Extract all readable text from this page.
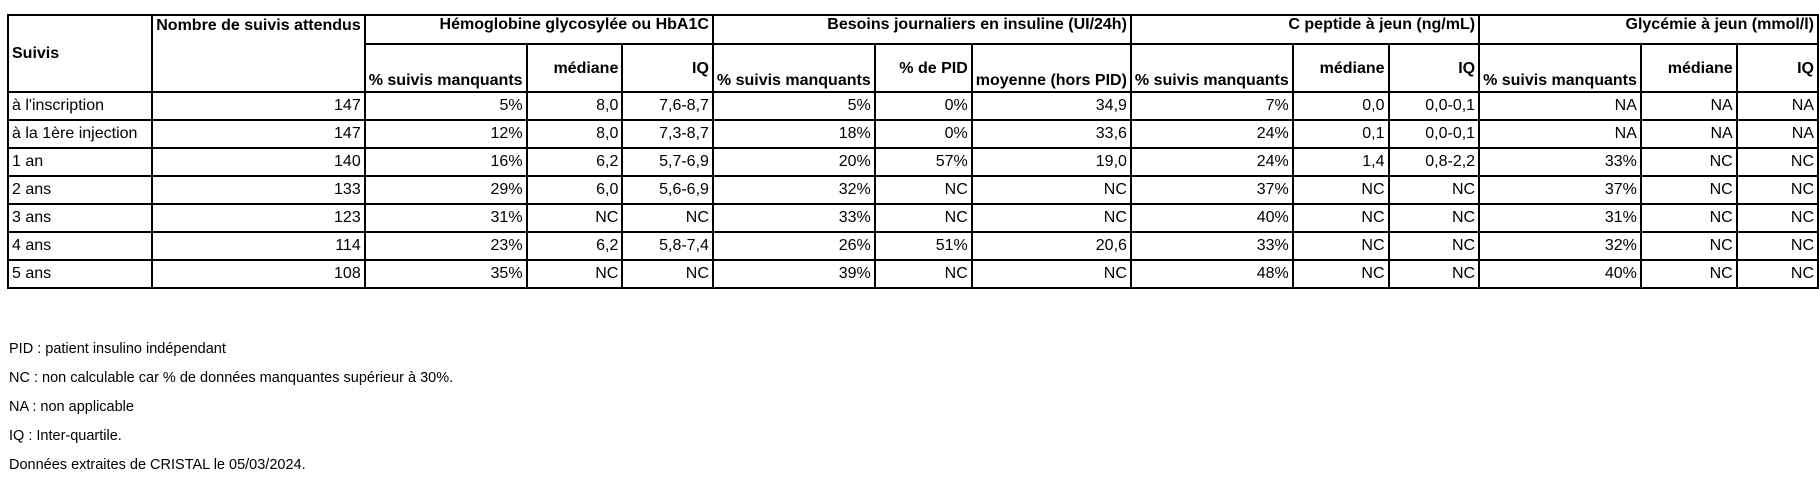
Suivis	Nombre de suivis attendus	Hémoglobine glycosylée ou HbA1C			Besoins journaliers en insuline (UI/24h)			C peptide à jeun (ng/mL)			Glycémie à jeun (mmol/l)		
		% suivis manquants	médiane	IQ	% suivis manquants	% de PID	moyenne (hors PID)	% suivis manquants	médiane	IQ	% suivis manquants	médiane	IQ
à l'inscription	147	5%	8,0	7,6-8,7	5%	0%	34,9	7%	0,0	0,0-0,1	NA	NA	NA
à la 1ère injection	147	12%	8,0	7,3-8,7	18%	0%	33,6	24%	0,1	0,0-0,1	NA	NA	NA
1 an	140	16%	6,2	5,7-6,9	20%	57%	19,0	24%	1,4	0,8-2,2	33%	NC	NC
2 ans	133	29%	6,0	5,6-6,9	32%	NC	NC	37%	NC	NC	37%	NC	NC
3 ans	123	31%	NC	NC	33%	NC	NC	40%	NC	NC	31%	NC	NC
4 ans	114	23%	6,2	5,8-7,4	26%	51%	20,6	33%	NC	NC	32%	NC	NC
5 ans	108	35%	NC	NC	39%	NC	NC	48%	NC	NC	40%	NC	NC
PID : patient insulino indépendant
NC : non calculable car % de données manquantes supérieur à 30%.
NA : non applicable
IQ : Inter-quartile.
Données extraites de CRISTAL le 05/03/2024.
